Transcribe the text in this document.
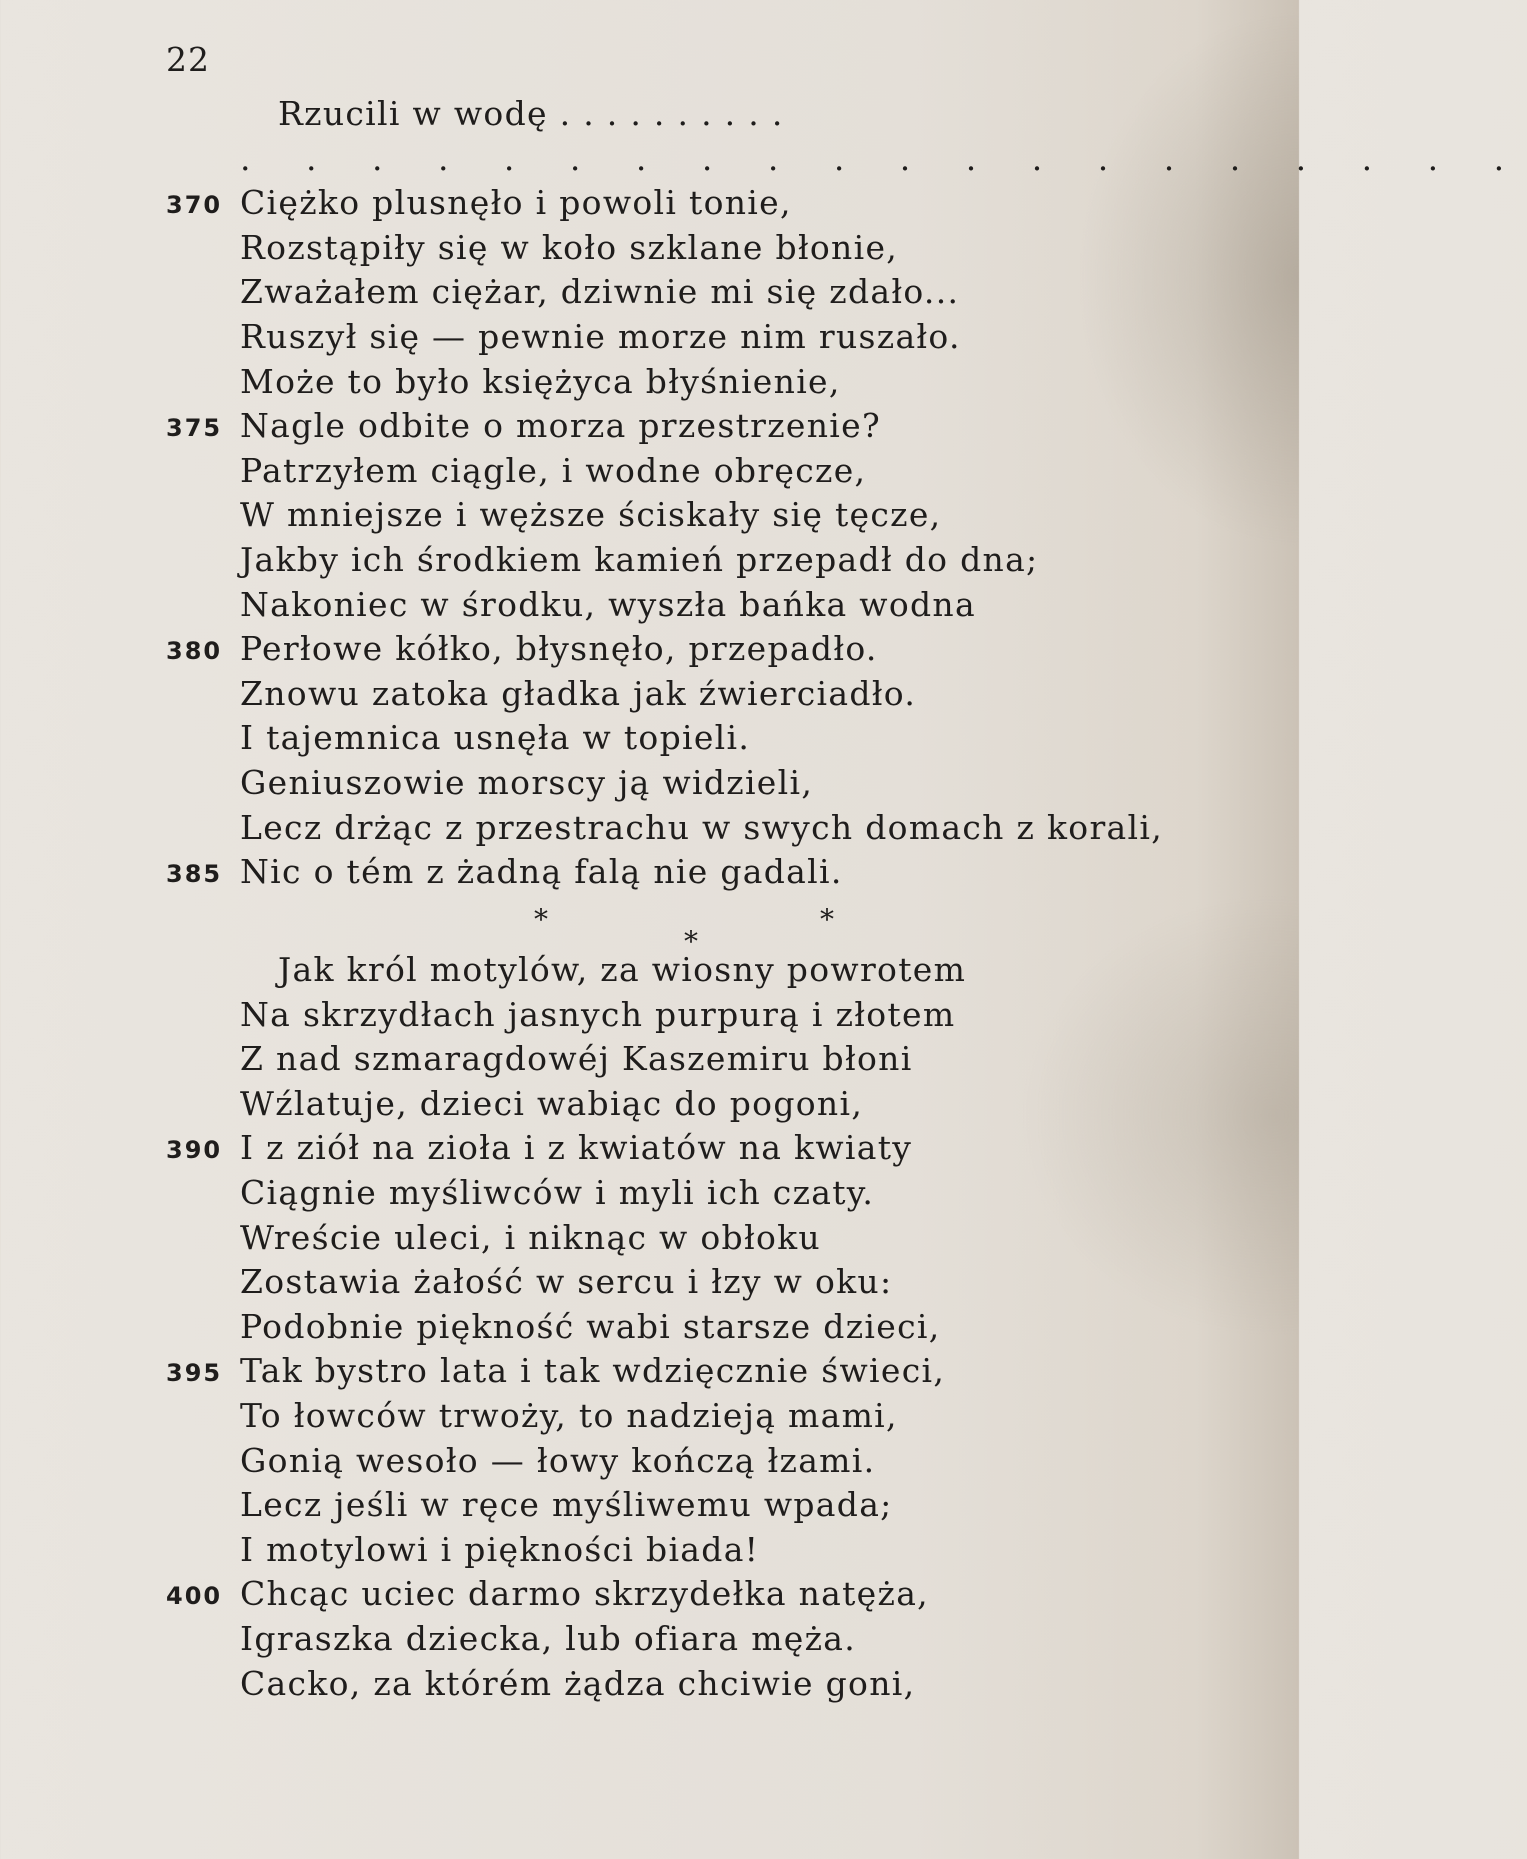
22
Rzucili w wodę . . . . . . . . . .
. . . . . . . . . . . . . . . . . . . .
370 Ciężko plusnęło i powoli tonie,
Rozstąpiły się w koło szklane błonie,
Zważałem ciężar, dziwnie mi się zdało...
Ruszył się — pewnie morze nim ruszało.
Może to było księżyca błyśnienie,
375 Nagle odbite o morza przestrzenie?
Patrzyłem ciągle, i wodne obręcze,
W mniejsze i węższe ściskały się tęcze,
Jakby ich środkiem kamień przepadł do dna;
Nakoniec w środku, wyszła bańka wodna
380 Perłowe kółko, błysnęło, przepadło.
Znowu zatoka gładka jak źwierciadło.
I tajemnica usnęła w topieli.
Geniuszowie morscy ją widzieli,
Lecz drżąc z przestrachu w swych domach z korali,
385 Nic o tém z żadną falą nie gadali.
Jak król motylów, za wiosny powrotem
Na skrzydłach jasnych purpurą i złotem
Z nad szmaragdowéj Kaszemiru błoni
Wźlatuje, dzieci wabiąc do pogoni,
390 I z ziół na zioła i z kwiatów na kwiaty
Ciągnie myśliwców i myli ich czaty.
Wreście uleci, i niknąc w obłoku
Zostawia żałość w sercu i łzy w oku:
Podobnie piękność wabi starsze dzieci,
395 Tak bystro lata i tak wdzięcznie świeci,
To łowców trwoży, to nadzieją mami,
Gonią wesoło — łowy kończą łzami.
Lecz jeśli w ręce myśliwemu wpada;
I motylowi i piękności biada!
400 Chcąc uciec darmo skrzydełka natęża,
Igraszka dziecka, lub ofiara męża.
Cacko, za którém żądza chciwie goni,
*
*
*
